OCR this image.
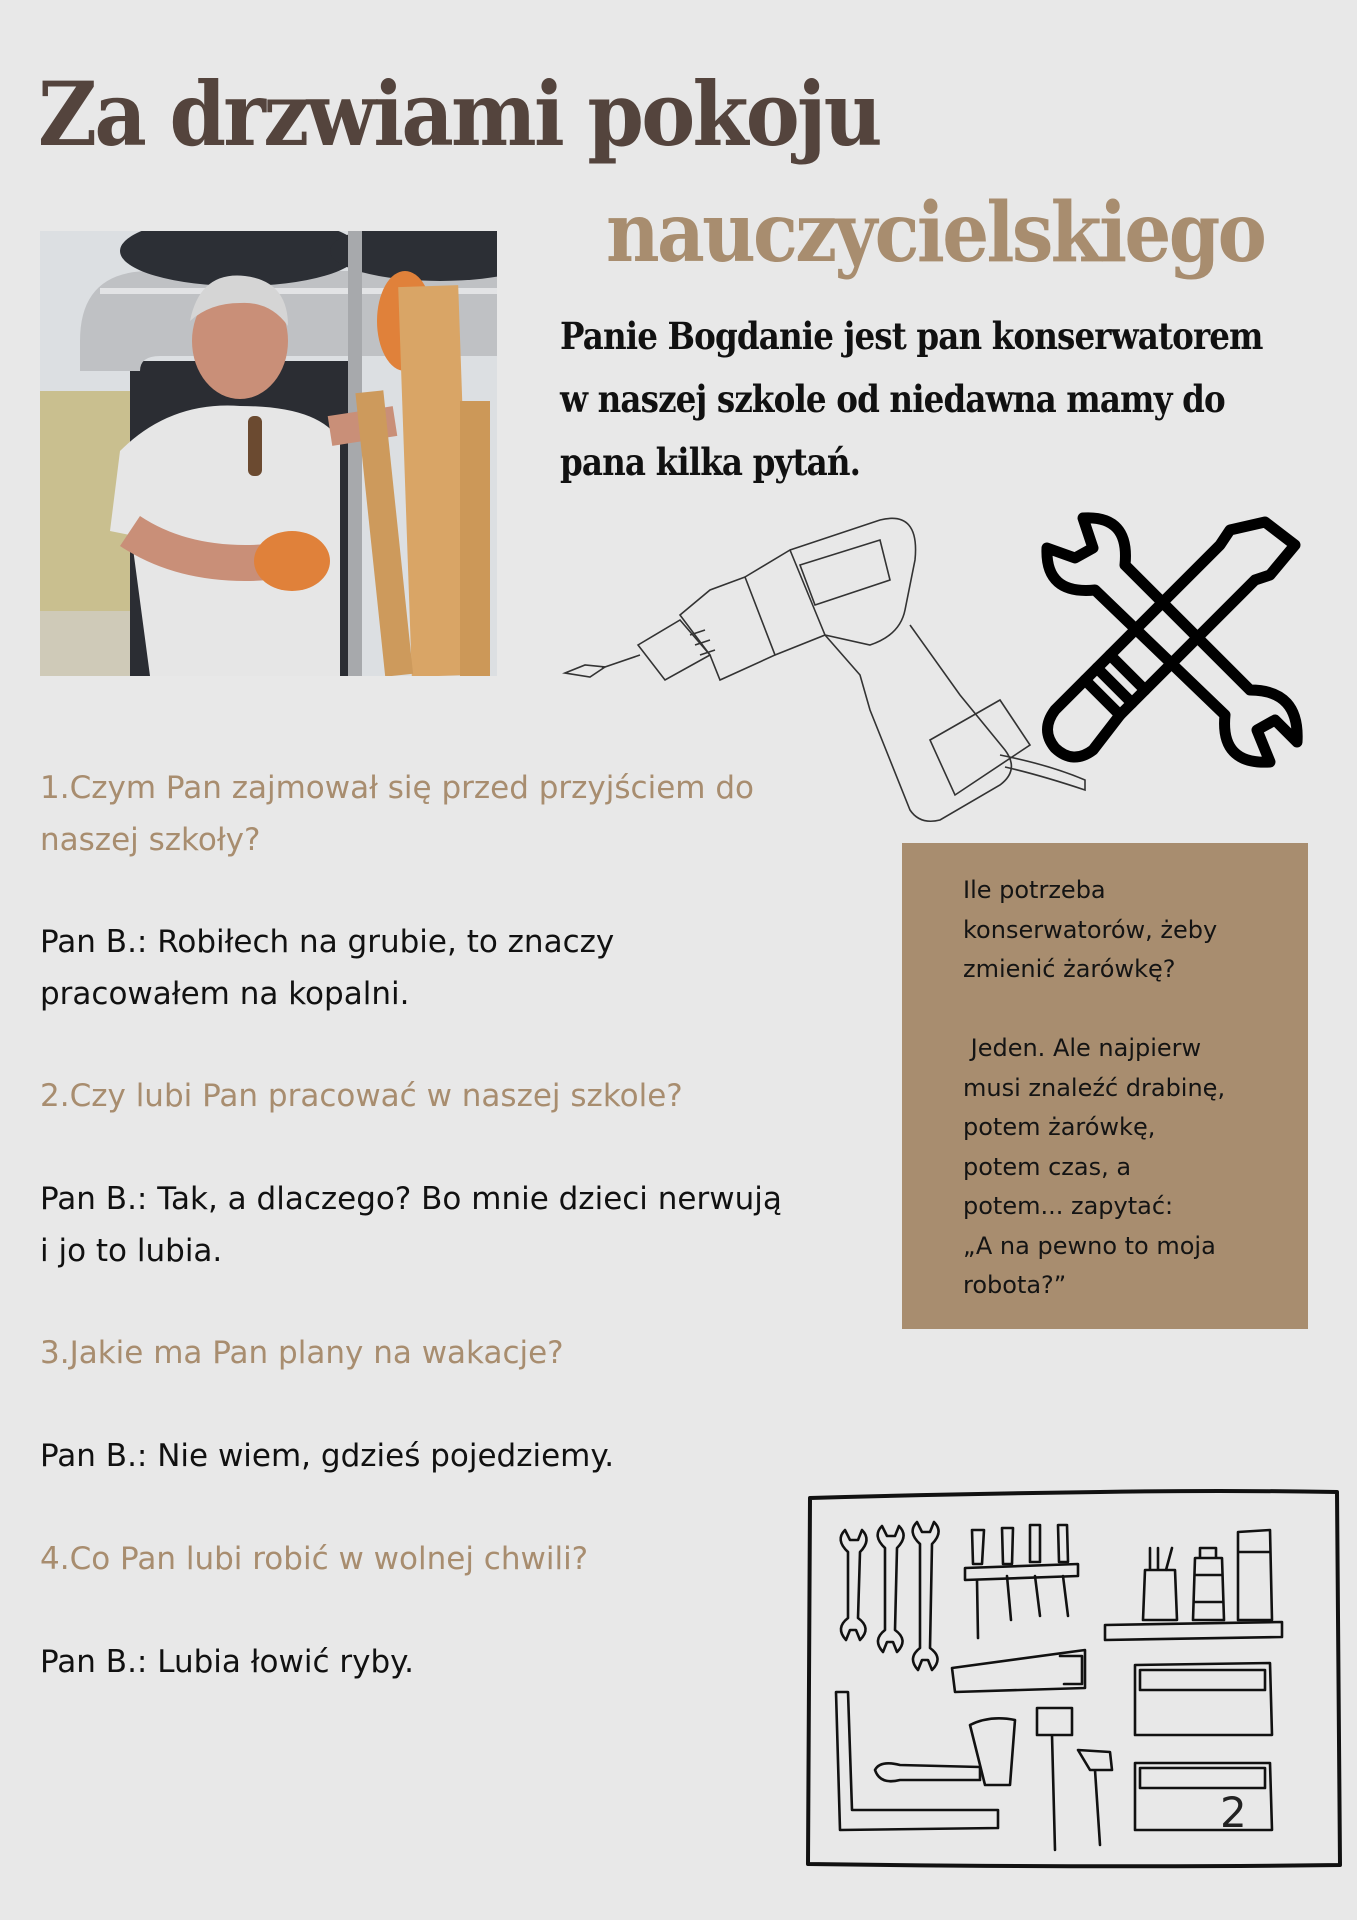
Za drzwiami pokoju
nauczycielskiego
Panie Bogdanie jest pan konserwatorem
w naszej szkole od niedawna mamy do
pana kilka pytań.
1.Czym Pan zajmował się przed przyjściem do
naszej szkoły?
Pan B.: Robiłech na grubie, to znaczy
pracowałem na kopalni.
2.Czy lubi Pan pracować w naszej szkole?
Pan B.: Tak, a dlaczego? Bo mnie dzieci nerwują
i jo to lubia.
3.Jakie ma Pan plany na wakacje?
Pan B.: Nie wiem, gdzieś pojedziemy.
4.Co Pan lubi robić w wolnej chwili?
Pan B.: Lubia łowić ryby.
Ile potrzeba
konserwatorów, żeby
zmienić żarówkę?
Jeden. Ale najpierw
musi znaleźć drabinę,
potem żarówkę,
potem czas, a
potem... zapytać:
„A na pewno to moja
robota?”
2
